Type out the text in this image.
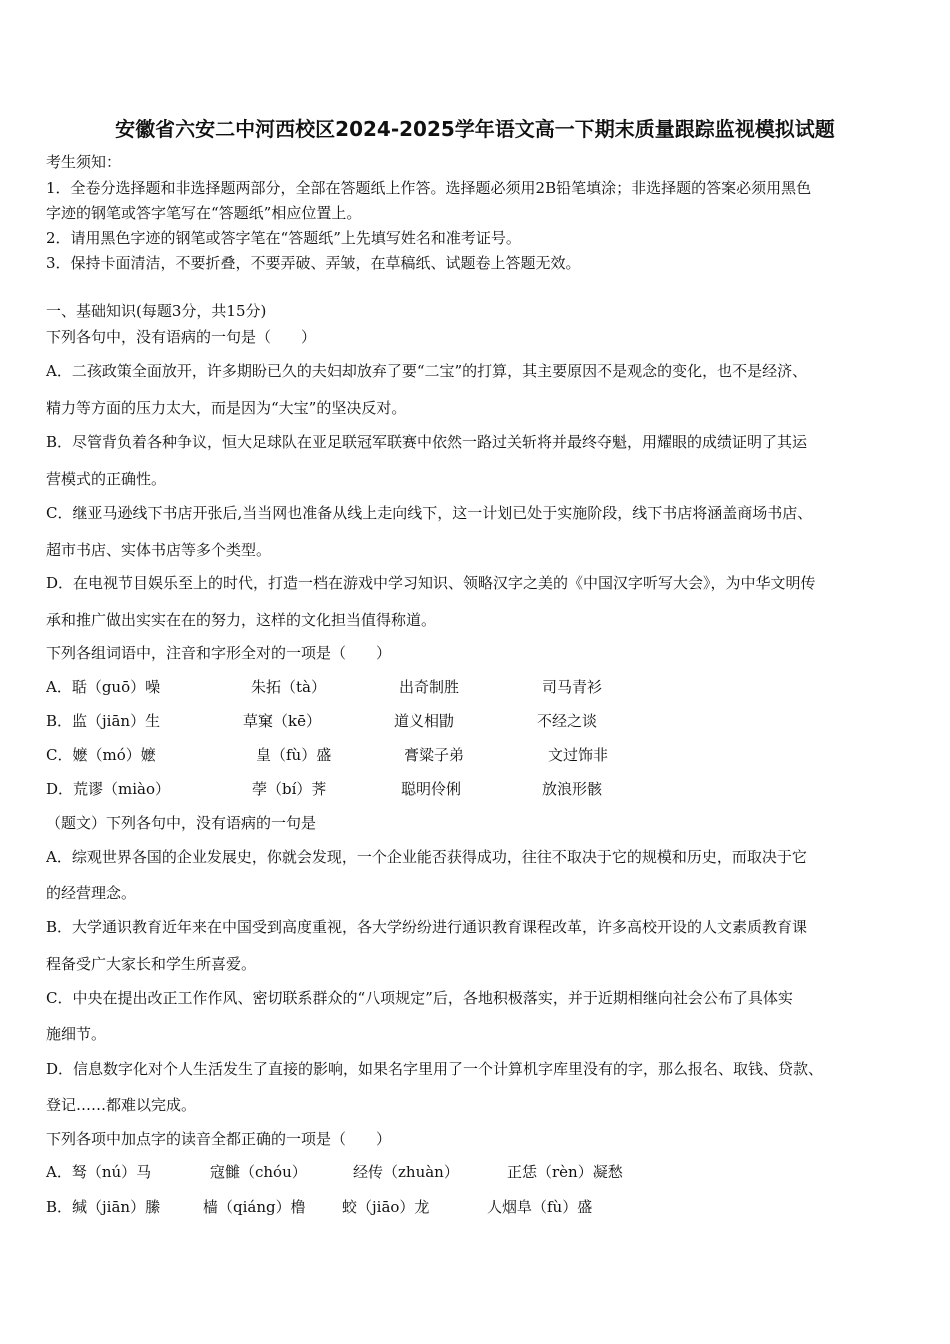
安徽省六安二中河西校区2024-2025学年语文高一下期末质量跟踪监视模拟试题
考生须知：
1．全卷分选择题和非选择题两部分，全部在答题纸上作答。选择题必须用2B铅笔填涂；非选择题的答案必须用黑色
字迹的钢笔或答字笔写在“答题纸”相应位置上。
2．请用黑色字迹的钢笔或答字笔在“答题纸”上先填写姓名和准考证号。
3．保持卡面清洁，不要折叠，不要弄破、弄皱，在草稿纸、试题卷上答题无效。
一、基础知识(每题3分，共15分)
下列各句中，没有语病的一句是（　　）
A．二孩政策全面放开，许多期盼已久的夫妇却放弃了要“二宝”的打算，其主要原因不是观念的变化，也不是经济、
精力等方面的压力太大，而是因为“大宝”的坚决反对。
B．尽管背负着各种争议，恒大足球队在亚足联冠军联赛中依然一路过关斩将并最终夺魁，用耀眼的成绩证明了其运
营模式的正确性。
C．继亚马逊线下书店开张后,当当网也准备从线上走向线下，这一计划已处于实施阶段，线下书店将涵盖商场书店、
超市书店、实体书店等多个类型。
D．在电视节目娱乐至上的时代，打造一档在游戏中学习知识、领略汉字之美的《中国汉字听写大会》，为中华文明传
承和推广做出实实在在的努力，这样的文化担当值得称道。
下列各组词语中，注音和字形全对的一项是（　　）
A．聒（guō）噪	朱拓（tà）	出奇制胜	司马青衫
B．监（jiān）生	草窠（kē）	道义相勖	不经之谈
C．嬷（mó）嬷	皇（fù）盛	膏粱子弟	文过饰非
D．荒谬（miào）	荸（bí）荠	聪明伶俐	放浪形骸
（题文）下列各句中，没有语病的一句是
A．综观世界各国的企业发展史，你就会发现，一个企业能否获得成功，往往不取决于它的规模和历史，而取决于它
的经营理念。
B．大学通识教育近年来在中国受到高度重视，各大学纷纷进行通识教育课程改革，许多高校开设的人文素质教育课
程备受广大家长和学生所喜爱。
C．中央在提出改正工作作风、密切联系群众的“八项规定”后，各地积极落实，并于近期相继向社会公布了具体实
施细节。
D．信息数字化对个人生活发生了直接的影响，如果名字里用了一个计算机字库里没有的字，那么报名、取钱、贷款、
登记……都难以完成。
下列各项中加点字的读音全都正确的一项是（　　）
A．驽（nú）马	寇雠（chóu）	经传（zhuàn）	正恁（rèn）凝愁
B．缄（jiān）縢	樯（qiáng）橹 蛟（jiāo）龙	人烟阜（fù）盛
